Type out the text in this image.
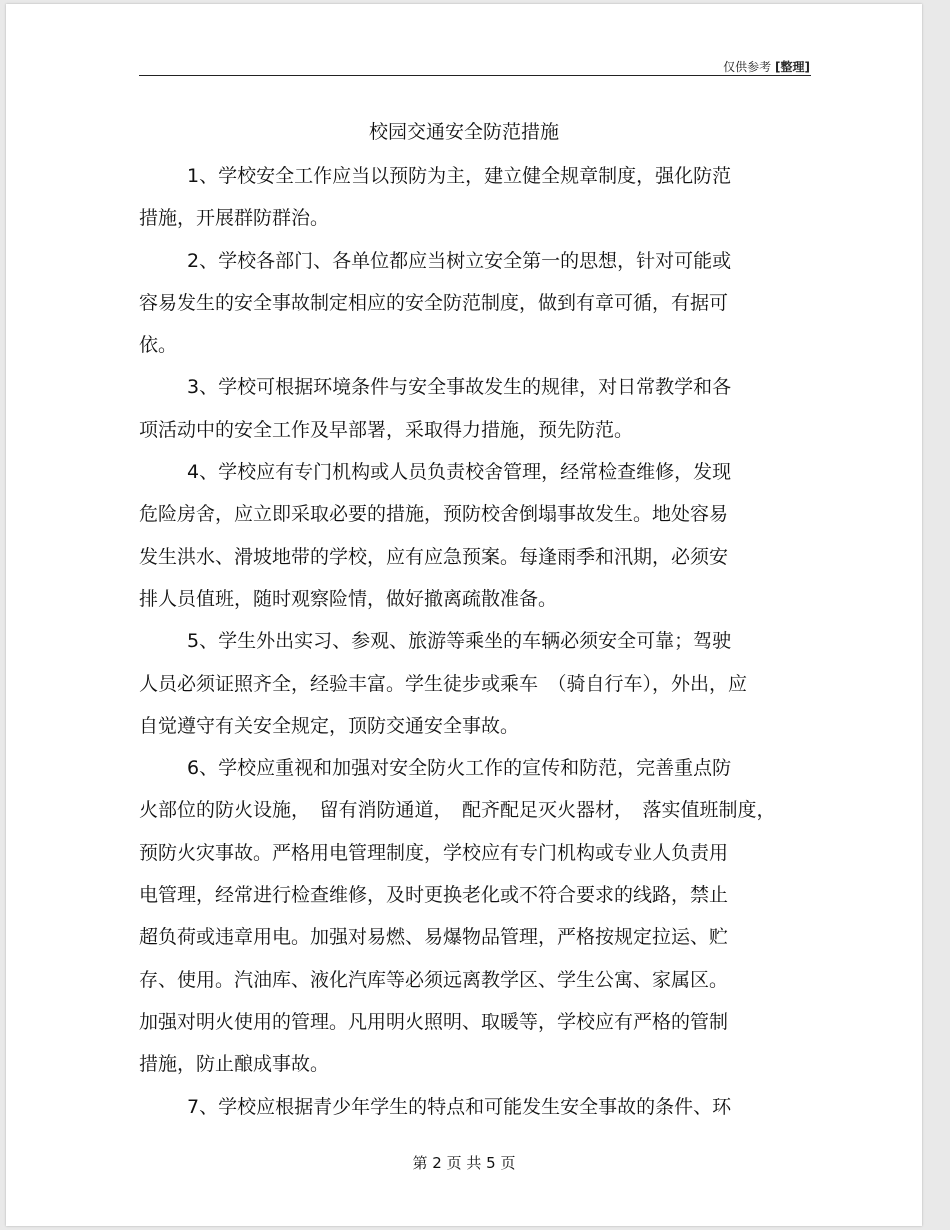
仅供参考 [整理]
校园交通安全防范措施
1、学校安全工作应当以预防为主，建立健全规章制度，强化防范
措施，开展群防群治。
2、学校各部门、各单位都应当树立安全第一的思想，针对可能或
容易发生的安全事故制定相应的安全防范制度，做到有章可循，有据可
依。
3、学校可根据环境条件与安全事故发生的规律，对日常教学和各
项活动中的安全工作及早部署，采取得力措施，预先防范。
4、学校应有专门机构或人员负责校舍管理，经常检查维修，发现
危险房舍，应立即采取必要的措施，预防校舍倒塌事故发生。地处容易
发生洪水、滑坡地带的学校，应有应急预案。每逢雨季和汛期，必须安
排人员值班，随时观察险情，做好撤离疏散准备。
5、学生外出实习、参观、旅游等乘坐的车辆必须安全可靠；驾驶
人员必须证照齐全，经验丰富。学生徒步或乘车　（骑自行车），外出，应
自觉遵守有关安全规定，顶防交通安全事故。
6、学校应重视和加强对安全防火工作的宣传和防范，完善重点防
火部位的防火设施，　留有消防通道，　配齐配足灭火器材，　落实值班制度，
预防火灾事故。严格用电管理制度，学校应有专门机构或专业人负责用
电管理，经常进行检查维修，及时更换老化或不符合要求的线路，禁止
超负荷或违章用电。加强对易燃、易爆物品管理，严格按规定拉运、贮
存、使用。汽油库、液化汽库等必须远离教学区、学生公寓、家属区。
加强对明火使用的管理。凡用明火照明、取暖等，学校应有严格的管制
措施，防止酿成事故。
7、学校应根据青少年学生的特点和可能发生安全事故的条件、环
第 2 页 共 5 页
